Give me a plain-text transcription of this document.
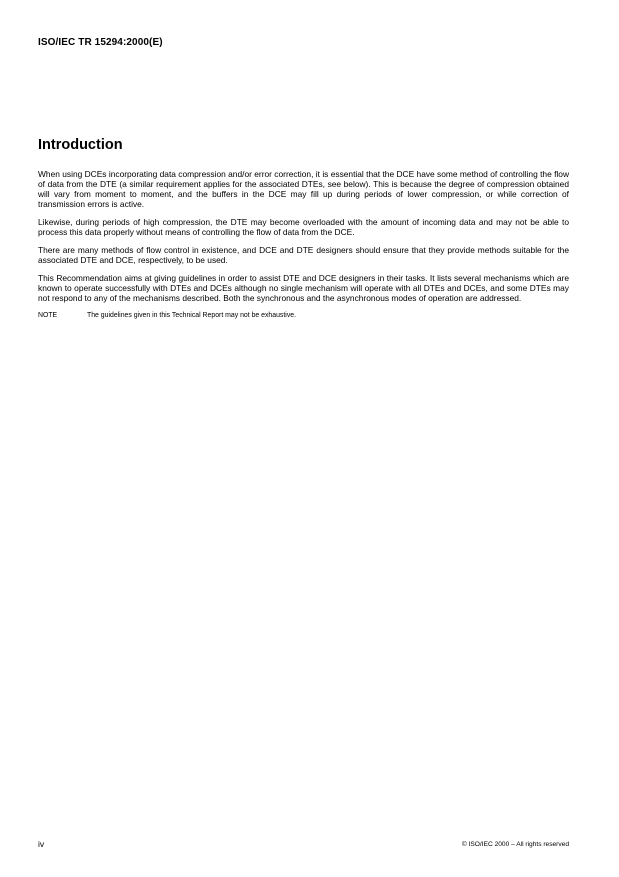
ISO/IEC TR 15294:2000(E)
Introduction

When using DCEs incorporating data compression and/or error correction, it is essential that the DCE have some method of controlling the flow of data from the DTE (a similar requirement applies for the associated DTEs, see below). This is because the degree of compression obtained will vary from moment to moment, and the buffers in the DCE may fill up during periods of lower compression, or while correction of transmission errors is active.

Likewise, during periods of high compression, the DTE may become overloaded with the amount of incoming data and may not be able to process this data properly without means of controlling the flow of data from the DCE.

There are many methods of flow control in existence, and DCE and DTE designers should ensure that they provide methods suitable for the associated DTE and DCE, respectively, to be used.

This Recommendation aims at giving guidelines in order to assist DTE and DCE designers in their tasks. It lists several mechanisms which are known to operate successfully with DTEs and DCEs although no single mechanism will operate with all DTEs and DCEs, and some DTEs may not respond to any of the mechanisms described. Both the synchronous and the asynchronous modes of operation are addressed.

NOTE	The guidelines given in this Technical Report may not be exhaustive.
iv	© ISO/IEC 2000 – All rights reserved
